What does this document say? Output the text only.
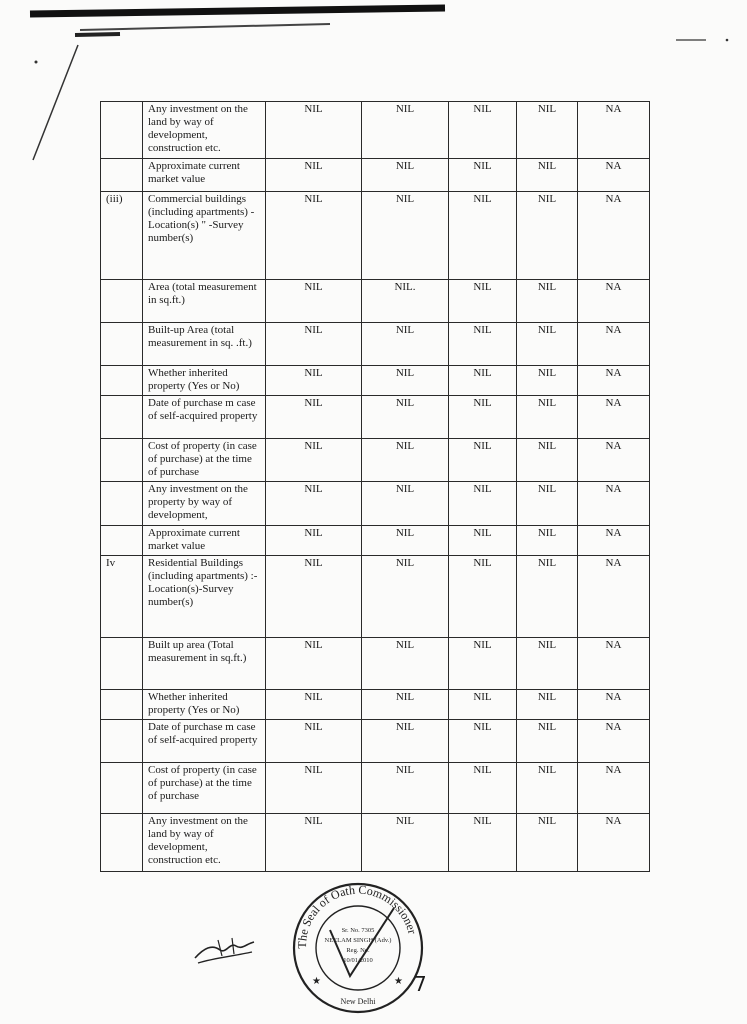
	Any investment on the land by way of development, construction etc.	NIL	NIL	NIL	NIL	NA
	Approximate current market value	NIL	NIL	NIL	NIL	NA
(iii)	Commercial buildings (including apartments) -Location(s) " -Survey number(s)	NIL	NIL	NIL	NIL	NA
	Area (total measurement in sq.ft.)	NIL	NIL.	NIL	NIL	NA
	Built-up Area (total measurement in sq. .ft.)	NIL	NIL	NIL	NIL	NA
	Whether inherited property (Yes or No)	NIL	NIL	NIL	NIL	NA
	Date of purchase m case of self-acquired property	NIL	NIL	NIL	NIL	NA
	Cost of property (in case of purchase) at the time of purchase	NIL	NIL	NIL	NIL	NA
	Any investment on the property by way of development,	NIL	NIL	NIL	NIL	NA
	Approximate current market value	NIL	NIL	NIL	NIL	NA
Iv	Residential Buildings (including apartments) :- Location(s)-Survey number(s)	NIL	NIL	NIL	NIL	NA
	Built up area (Total measurement in sq.ft.)	NIL	NIL	NIL	NIL	NA
	Whether inherited property (Yes or No)	NIL	NIL	NIL	NIL	NA
	Date of purchase m case of self-acquired property	NIL	NIL	NIL	NIL	NA
	Cost of property (in case of purchase) at the time of purchase	NIL	NIL	NIL	NIL	NA
	Any investment on the land by way of development, construction etc.	NIL	NIL	NIL	NIL	NA
The Seal of Oath Commissioner
Sr. No. 7305
NEELAM SINGH (Adv.)
Reg. No.
10/01/2010
New Delhi
★	★ 7
